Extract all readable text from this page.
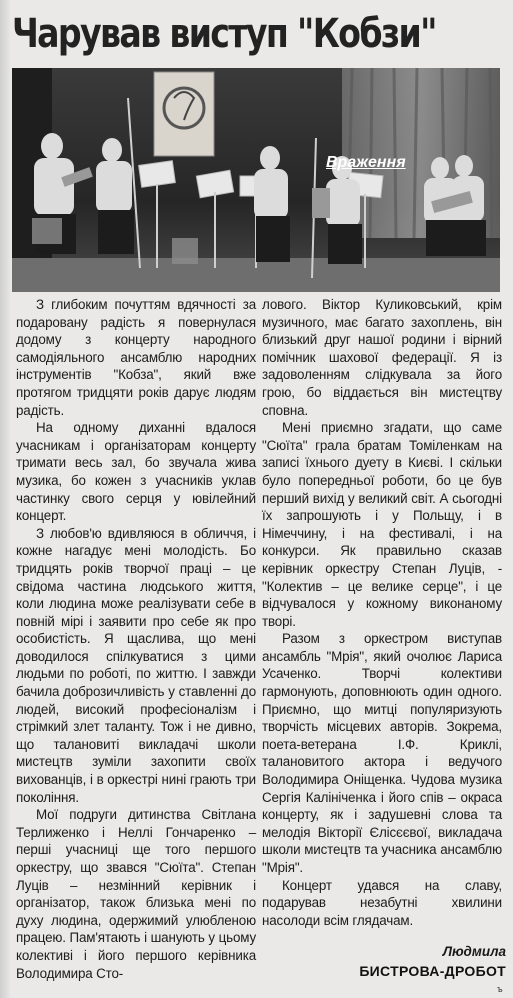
Чарував виступ "Кобзи"
Враження

З глибоким почуттям вдячності за подаровану радість я повернулася додому з концерту народного самодіяльного ансамблю народних інструментів "Кобза", який вже протягом тридцяти років дарує людям радість.

На одному диханні вдалося учасникам і організаторам концерту тримати весь зал, бо звучала жива музика, бо кожен з учасників уклав частинку свого серця у ювілейний концерт.

З любов'ю вдивляюся в обличчя, і кожне нагадує мені молодість. Бо тридцять років творчої праці – це свідома частина людського життя, коли людина може реалізувати себе в повній мірі і заявити про себе як про особистість. Я щаслива, що мені доводилося спілкуватися з цими людьми по роботі, по життю. І завжди бачила доброзичливість у ставленні до людей, високий професіоналізм і стрімкий злет таланту. Тож і не дивно, що талановиті викладачі школи мистецтв зуміли захопити своїх вихованців, і в оркестрі нині грають три покоління.

Мої подруги дитинства Світлана Терлиженко і Неллі Гончаренко – перші учасниці ще того першого оркестру, що звався "Сюїта". Степан Луців – незмінний керівник і організатор, також близька мені по духу людина, одержимий улюбленою працею. Пам'ятають і шанують у цьому колективі і його першого керівника Володимира Сто-

лового. Віктор Куликовський, крім музичного, має багато захоплень, він близький друг нашої родини і вірний помічник шахової федерації. Я із задоволенням слідкувала за його грою, бо віддається він мистецтву сповна.

Мені приємно згадати, що саме "Сюїта" грала братам Томіленкам на записі їхнього дуету в Києві. І скільки було попередньої роботи, бо це був перший вихід у великий світ. А сьогодні їх запрошують і у Польщу, і в Німеччину, і на фестивалі, і на конкурси. Як правильно сказав керівник оркестру Степан Луців, - "Колектив – це велике серце", і це відчувалося у кожному виконаному творі.

Разом з оркестром виступав ансамбль "Мрія", який очолює Лариса Усаченко. Творчі колективи гармонують, доповнюють один одного. Приємно, що митці популяризують творчість місцевих авторів. Зокрема, поета-ветерана І.Ф. Криклі, талановитого актора і ведучого Володимира Оніщенка. Чудова музика Сергія Калініченка і його спів – окраса концерту, як і задушевні слова та мелодія Вікторії Єлісєєвої, викладача школи мистецтв та учасника ансамблю "Мрія".

Концерт удався на славу, подарував незабутні хвилини насолоди всім глядачам.

Людмила
БИСТРОВА-ДРОБОТ
ъ
